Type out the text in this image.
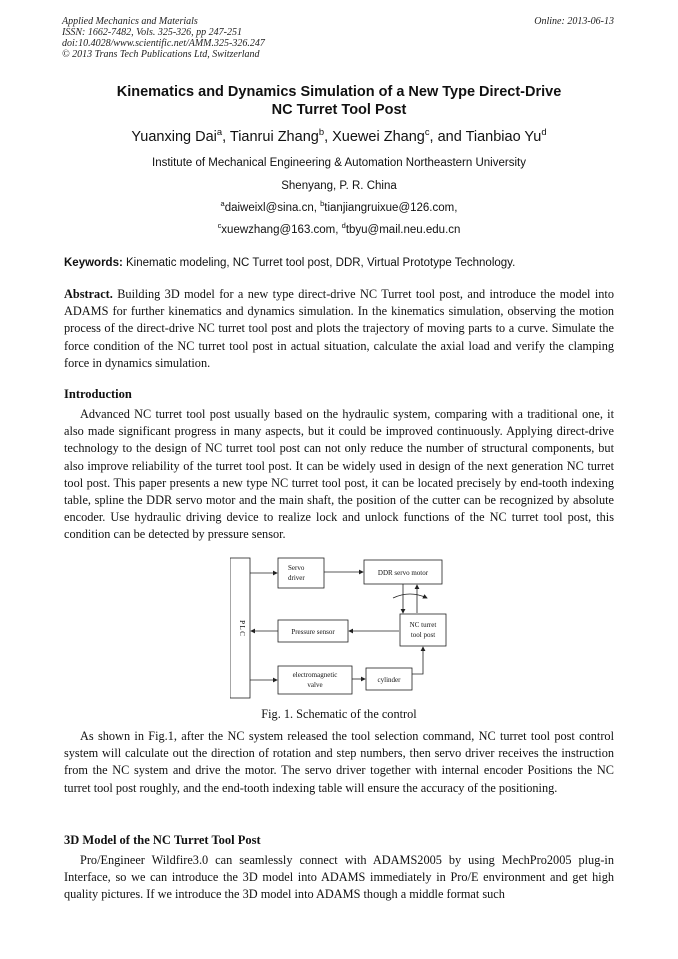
Applied Mechanics and Materials
ISSN: 1662-7482, Vols. 325-326, pp 247-251
doi:10.4028/www.scientific.net/AMM.325-326.247
© 2013 Trans Tech Publications Ltd, Switzerland
Online: 2013-06-13
Kinematics and Dynamics Simulation of a New Type Direct-Drive
NC Turret Tool Post
Yuanxing Dai$^a$, Tianrui Zhang$^b$, Xuewei Zhang$^c$, and Tianbiao Yu$^d$
Institute of Mechanical Engineering & Automation Northeastern University
Shenyang, P. R. China
$^a$daiweixl@sina.cn, $^b$tianjiangruixue@126.com,
$^c$xuewzhang@163.com, $^d$tbyu@mail.neu.edu.cn
Keywords: Kinematic modeling, NC Turret tool post, DDR, Virtual Prototype Technology.
Abstract. Building 3D model for a new type direct-drive NC Turret tool post, and introduce the model into ADAMS for further kinematics and dynamics simulation. In the kinematics simulation, observing the motion process of the direct-drive NC turret tool post and plots the trajectory of moving parts to a curve. Simulate the force condition of the NC turret tool post in actual situation, calculate the axial load and verify the clamping force in dynamics simulation.
Introduction
Advanced NC turret tool post usually based on the hydraulic system, comparing with a traditional one, it also made significant progress in many aspects, but it could be improved continuously. Applying direct-drive technology to the design of NC turret tool post can not only reduce the number of structural components, but also improve reliability of the turret tool post. It can be widely used in design of the next generation NC turret tool post. This paper presents a new type NC turret tool post, it can be located precisely by end-tooth indexing table, spline the DDR servo motor and the main shaft, the position of the cutter can be recognized by absolute encoder. Use hydraulic driving device to realize lock and unlock functions of the NC turret tool post, this condition can be detected by pressure sensor.
P L C
Servo
driver
DDR servo motor
Pressure sensor
NC turret
tool post
electromagnetic
valve
cylinder
Fig. 1. Schematic of the control
As shown in Fig.1, after the NC system released the tool selection command, NC turret tool post control system will calculate out the direction of rotation and step numbers, then servo driver receives the instruction from the NC system and drive the motor. The servo driver together with internal encoder Positions the NC turret tool post roughly, and the end-tooth indexing table will ensure the accuracy of the positioning.
3D Model of the NC Turret Tool Post
Pro/Engineer Wildfire3.0 can seamlessly connect with ADAMS2005 by using MechPro2005 plug-in Interface, so we can introduce the 3D model into ADAMS immediately in Pro/E environment and get high quality pictures. If we introduce the 3D model into ADAMS though a middle format such
